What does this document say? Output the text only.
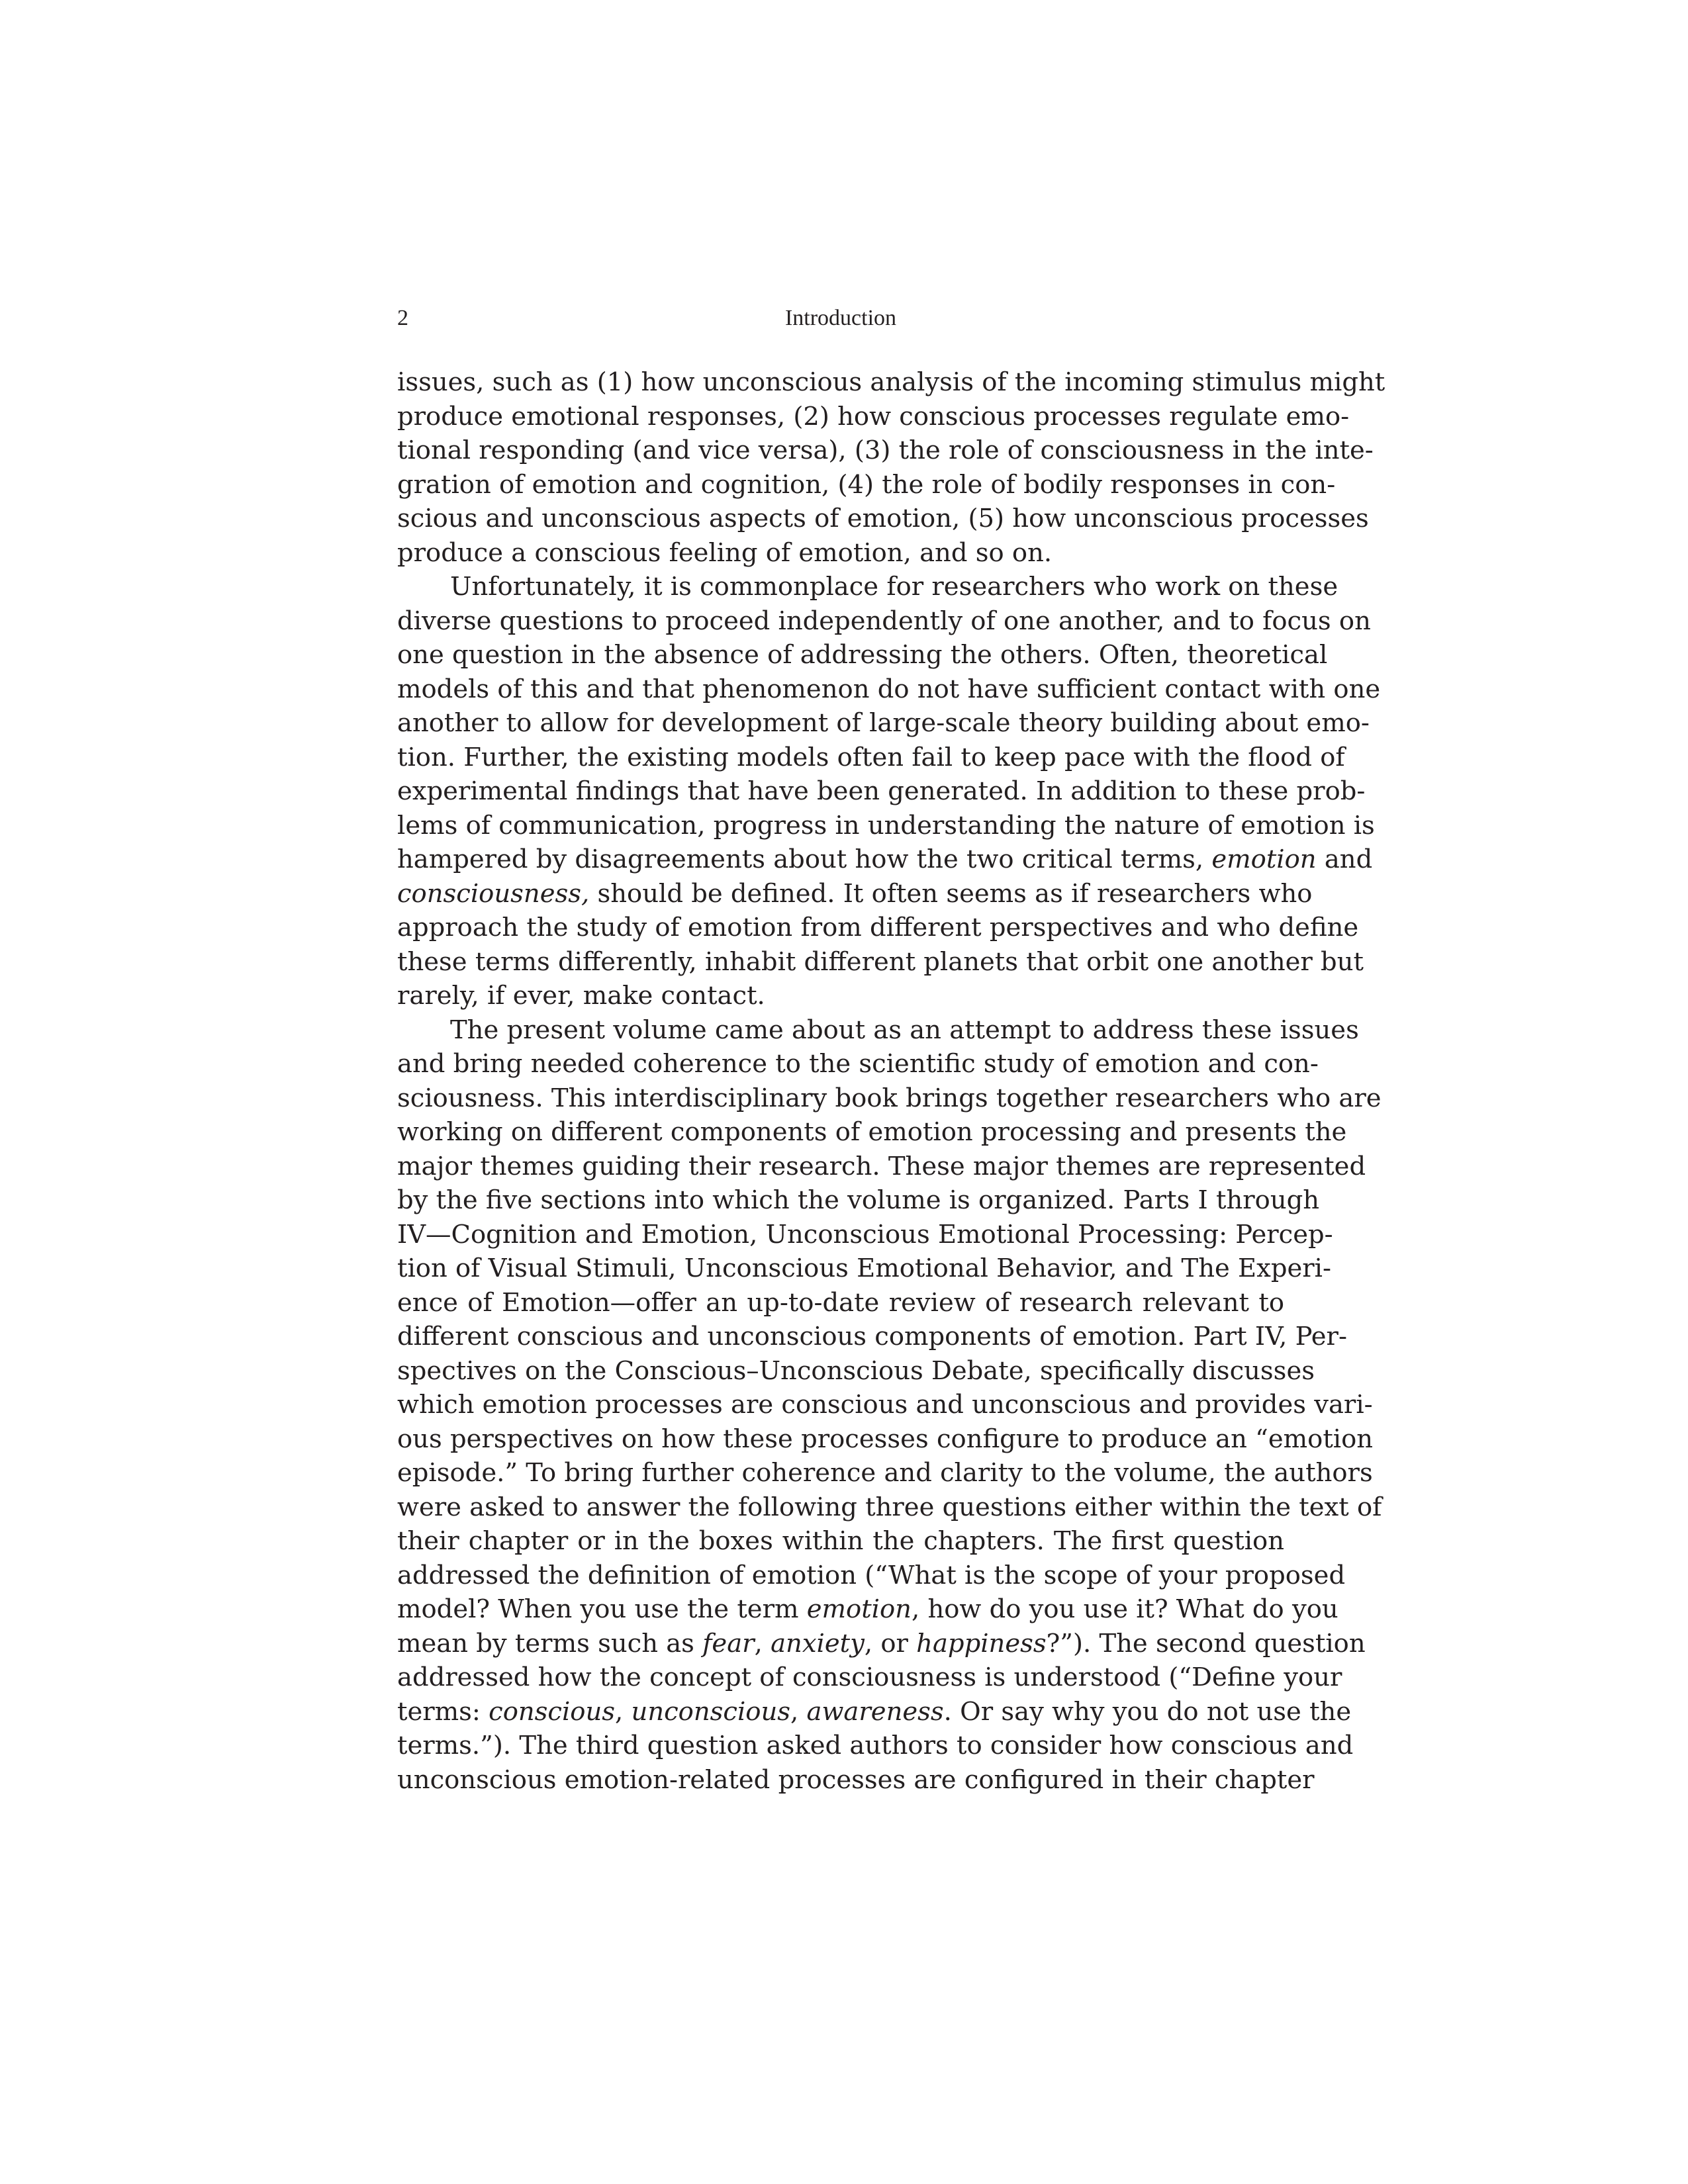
2	Introduction
issues, such as (1) how unconscious analysis of the incoming stimulus might
produce emotional responses, (2) how conscious processes regulate emo-
tional responding (and vice versa), (3) the role of consciousness in the inte-
gration of emotion and cognition, (4) the role of bodily responses in con-
scious and unconscious aspects of emotion, (5) how unconscious processes
produce a conscious feeling of emotion, and so on.
Unfortunately, it is commonplace for researchers who work on these
diverse questions to proceed independently of one another, and to focus on
one question in the absence of addressing the others. Often, theoretical
models of this and that phenomenon do not have sufficient contact with one
another to allow for development of large-scale theory building about emo-
tion. Further, the existing models often fail to keep pace with the flood of
experimental findings that have been generated. In addition to these prob-
lems of communication, progress in understanding the nature of emotion is
hampered by disagreements about how the two critical terms, emotion and
consciousness, should be defined. It often seems as if researchers who
approach the study of emotion from different perspectives and who define
these terms differently, inhabit different planets that orbit one another but
rarely, if ever, make contact.
The present volume came about as an attempt to address these issues
and bring needed coherence to the scientific study of emotion and con-
sciousness. This interdisciplinary book brings together researchers who are
working on different components of emotion processing and presents the
major themes guiding their research. These major themes are represented
by the five sections into which the volume is organized. Parts I through
IV—Cognition and Emotion, Unconscious Emotional Processing: Percep-
tion of Visual Stimuli, Unconscious Emotional Behavior, and The Experi-
ence of Emotion—offer an up-to-date review of research relevant to
different conscious and unconscious components of emotion. Part IV, Per-
spectives on the Conscious–Unconscious Debate, specifically discusses
which emotion processes are conscious and unconscious and provides vari-
ous perspectives on how these processes configure to produce an “emotion
episode.” To bring further coherence and clarity to the volume, the authors
were asked to answer the following three questions either within the text of
their chapter or in the boxes within the chapters. The first question
addressed the definition of emotion (“What is the scope of your proposed
model? When you use the term emotion, how do you use it? What do you
mean by terms such as fear, anxiety, or happiness?”). The second question
addressed how the concept of consciousness is understood (“Define your
terms: conscious, unconscious, awareness. Or say why you do not use the
terms.”). The third question asked authors to consider how conscious and
unconscious emotion-related processes are configured in their chapter
